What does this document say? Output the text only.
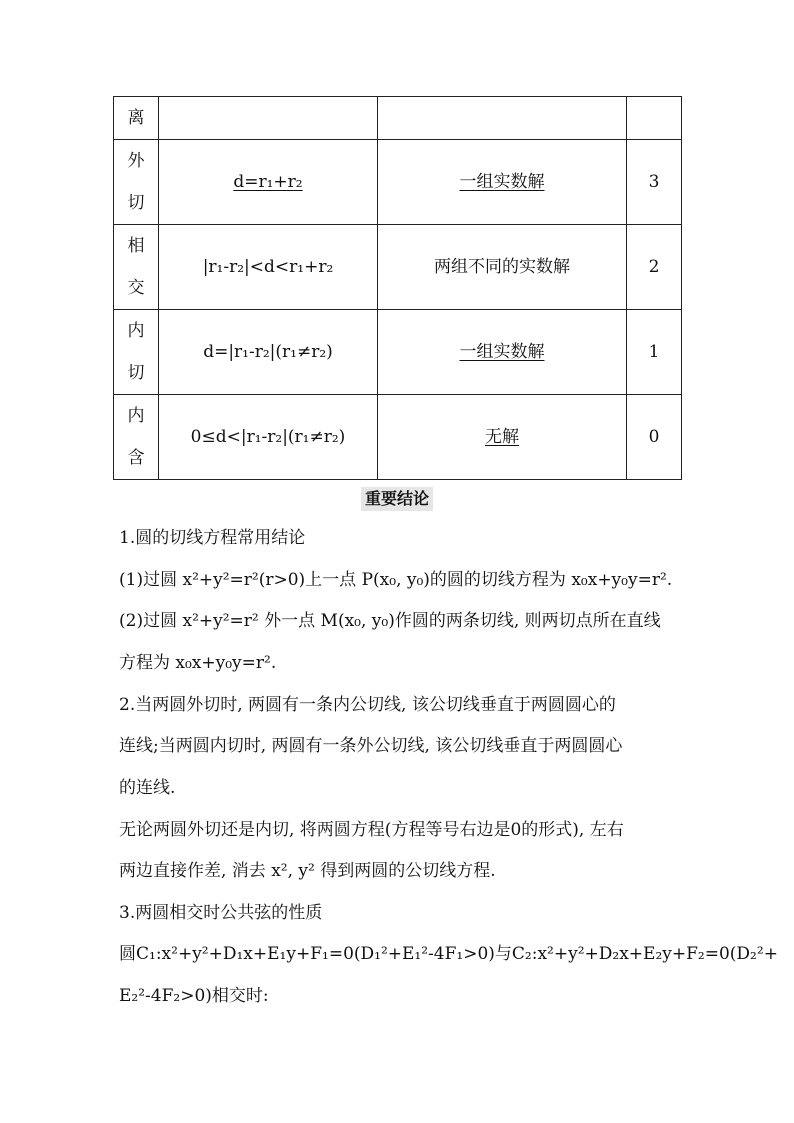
离			

外
切	d=r₁+r₂	一组实数解	3

相
交	|r₁-r₂|<d<r₁+r₂	两组不同的实数解	2

内
切	d=|r₁-r₂|(r₁≠r₂)	一组实数解	1

内
含	0≤d<|r₁-r₂|(r₁≠r₂)	无解	0
重要结论
1.圆的切线方程常用结论
(1)过圆 x²+y²=r²(r>0)上一点 P(x₀, y₀)的圆的切线方程为 x₀x+y₀y=r².
(2)过圆 x²+y²=r² 外一点 M(x₀, y₀)作圆的两条切线, 则两切点所在直线
方程为 x₀x+y₀y=r².
2.当两圆外切时, 两圆有一条内公切线, 该公切线垂直于两圆圆心的
连线;当两圆内切时, 两圆有一条外公切线, 该公切线垂直于两圆圆心
的连线.
无论两圆外切还是内切, 将两圆方程(方程等号右边是0的形式), 左右
两边直接作差, 消去 x², y² 得到两圆的公切线方程.
3.两圆相交时公共弦的性质
圆C₁:x²+y²+D₁x+E₁y+F₁=0(D₁²+E₁²-4F₁>0)与C₂:x²+y²+D₂x+E₂y+F₂=0(D₂²+
E₂²-4F₂>0)相交时:
